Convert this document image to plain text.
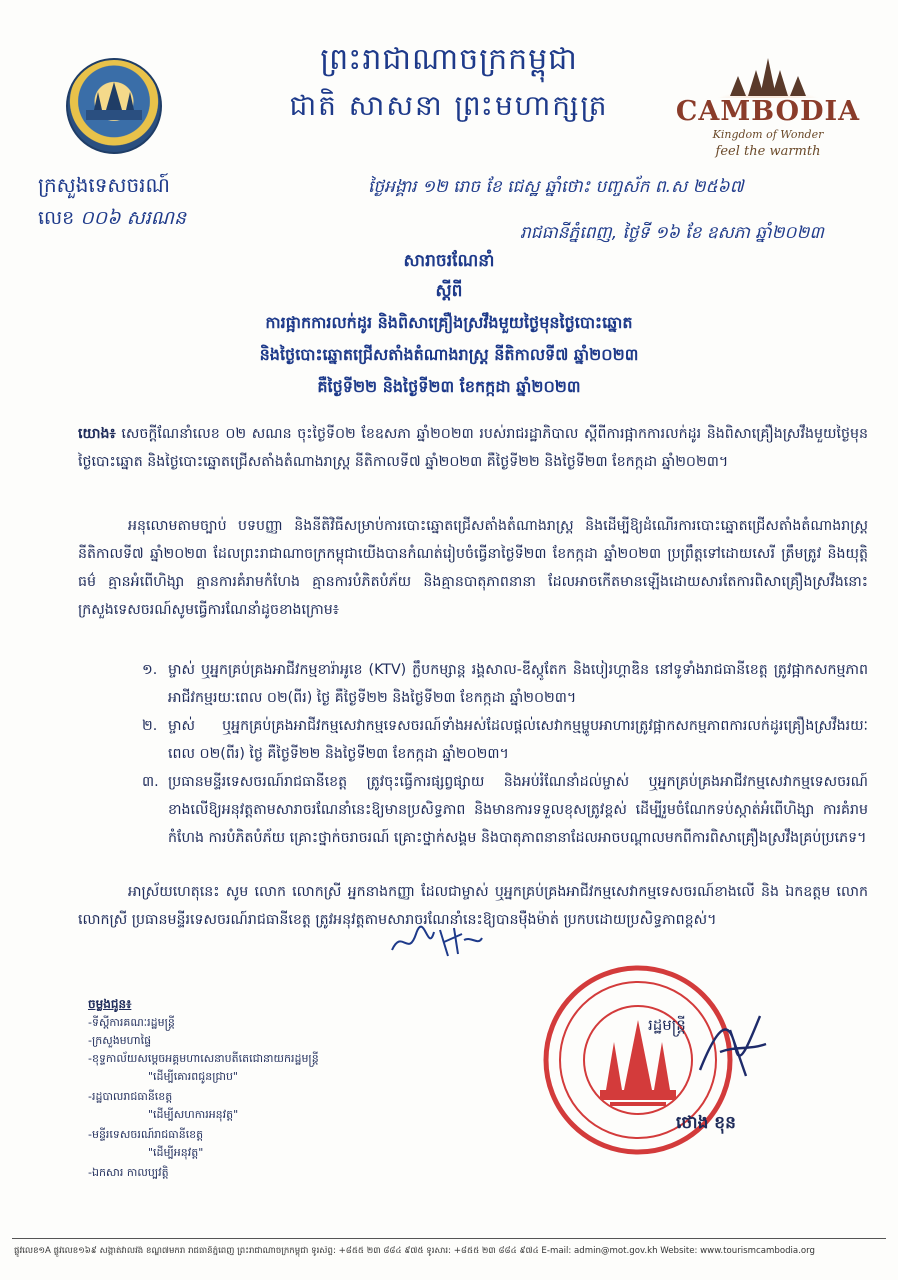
ព្រះរាជាណាចក្រកម្ពុជា
ជាតិ សាសនា ព្រះមហាក្សត្រ	CAMBODIA
Kingdom of Wonder
feel the warmth
ក្រសួងទេសចរណ៍
លេខ ០០៦ សរណន
ថ្ងៃអង្គារ ១២ រោច ខែ ជេស្ឋ ឆ្នាំថោះ បញ្ចស័ក ព.ស ២៥៦៧
រាជធានីភ្នំពេញ, ថ្ងៃទី ១៦ ខែ ឧសភា ឆ្នាំ២០២៣
សារាចរណែនាំ
ស្តីពី
ការផ្អាកការលក់ដូរ និងពិសាគ្រឿងស្រវឹងមួយថ្ងៃមុនថ្ងៃបោះឆ្នោត
និងថ្ងៃបោះឆ្នោតជ្រើសតាំងតំណាងរាស្ត្រ នីតិកាលទី៧ ឆ្នាំ២០២៣
គឺថ្ងៃទី២២ និងថ្ងៃទី២៣ ខែកក្កដា ឆ្នាំ២០២៣
យោង៖ សេចក្តីណែនាំលេខ ០២ សណន ចុះថ្ងៃទី០២ ខែឧសភា ឆ្នាំ២០២៣ របស់រាជរដ្ឋាភិបាល ស្តីពីការផ្អាកការលក់ដូរ និងពិសាគ្រឿងស្រវឹងមួយថ្ងៃមុនថ្ងៃបោះឆ្នោត និងថ្ងៃបោះឆ្នោតជ្រើសតាំងតំណាងរាស្ត្រ នីតិកាលទី៧ ឆ្នាំ២០២៣ គឺថ្ងៃទី២២ និងថ្ងៃទី២៣ ខែកក្កដា ឆ្នាំ២០២៣។
អនុលោមតាមច្បាប់ បទបញ្ញា និងនីតិវិធីសម្រាប់ការបោះឆ្នោតជ្រើសតាំងតំណាងរាស្ត្រ និងដើម្បីឱ្យដំណើរការបោះឆ្នោតជ្រើសតាំងតំណាងរាស្ត្រ នីតិកាលទី៧ ឆ្នាំ២០២៣ ដែលព្រះរាជាណាចក្រកម្ពុជាយើងបានកំណត់រៀបចំធ្វើនាថ្ងៃទី២៣ ខែកក្កដា ឆ្នាំ២០២៣ ប្រព្រឹត្តទៅដោយសេរី ត្រឹមត្រូវ និងយុត្តិធម៌ គ្មានអំពើហិង្សា គ្មានការគំរាមកំហែង គ្មានការបំភិតបំភ័យ និងគ្មានបាតុភាពនានា ដែលអាចកើតមានឡើងដោយសារតែការពិសាគ្រឿងស្រវឹងនោះ ក្រសួងទេសចរណ៍សូមធ្វើការណែនាំដូចខាងក្រោម៖
១. ម្ចាស់ ឬអ្នកគ្រប់គ្រងអាជីវកម្មខារ៉ាអូខេ (KTV) ក្លឹបកម្សាន្ត រង្គសាល-ឌីស្កូតែក និងបៀរហ្គាឌិន នៅទូទាំងរាជធានីខេត្ត ត្រូវផ្អាកសកម្មភាពអាជីវកម្មរយៈពេល ០២(ពីរ) ថ្ងៃ គឺថ្ងៃទី២២ និងថ្ងៃទី២៣ ខែកក្កដា ឆ្នាំ២០២៣។
២. ម្ចាស់ ឬអ្នកគ្រប់គ្រងអាជីវកម្មសេវាកម្មទេសចរណ៍ទាំងអស់ដែលផ្តល់សេវាកម្មម្ហូបអាហារត្រូវផ្អាកសកម្មភាពការលក់ដូរគ្រឿងស្រវឹងរយៈពេល ០២(ពីរ) ថ្ងៃ គឺថ្ងៃទី២២ និងថ្ងៃទី២៣ ខែកក្កដា ឆ្នាំ២០២៣។
៣. ប្រធានមន្ទីរទេសចរណ៍រាជធានីខេត្ត ត្រូវចុះធ្វើការផ្សព្វផ្សាយ និងអប់រំណែនាំដល់ម្ចាស់ ឬអ្នកគ្រប់គ្រងអាជីវកម្មសេវាកម្មទេសចរណ៍ខាងលើឱ្យអនុវត្តតាមសារាចរណែនាំនេះឱ្យមានប្រសិទ្ធភាព និងមានការទទួលខុសត្រូវខ្ពស់ ដើម្បីរួមចំណែកទប់ស្កាត់អំពើហិង្សា ការគំរាមកំហែង ការបំភិតបំភ័យ គ្រោះថ្នាក់ចរាចរណ៍ គ្រោះថ្នាក់សង្គម និងបាតុភាពនានាដែលអាចបណ្តាលមកពីការពិសាគ្រឿងស្រវឹងគ្រប់ប្រភេទ។
អាស្រ័យហេតុនេះ សូម លោក លោកស្រី អ្នកនាងកញ្ញា ដែលជាម្ចាស់ ឬអ្នកគ្រប់គ្រងអាជីវកម្មសេវាកម្មទេសចរណ៍ខាងលើ និង ឯកឧត្តម លោក លោកស្រី ប្រធានមន្ទីរទេសចរណ៍រាជធានីខេត្ត ត្រូវអនុវត្តតាមសារាចរណែនាំនេះឱ្យបានម៉ឺងម៉ាត់ ប្រកបដោយប្រសិទ្ធភាពខ្ពស់។
រដ្ឋមន្ត្រី
ថោង ខុន
ចម្លងជូន៖
-ទីស្តីការគណៈរដ្ឋមន្ត្រី
-ក្រសួងមហាផ្ទៃ
-ខុទ្ទកាល័យសម្តេចអគ្គមហាសេនាបតីតេជោនាយករដ្ឋមន្ត្រី
"ដើម្បីគោរពជូនជ្រាប"
-រដ្ឋបាលរាជធានីខេត្ត
"ដើម្បីសហការអនុវត្ត"
-មន្ទីរទេសចរណ៍រាជធានីខេត្ត
"ដើម្បីអនុវត្ត"
-ឯកសារ កាលប្បវត្តិ
ផ្លូវលេខ១A ផ្លូវលេខ១៦៩ សង្កាត់វាលវង់ ខណ្ឌ៧មករា រាជធានីភ្នំពេញ ព្រះរាជាណាចក្រកម្ពុជា ទូរស័ព្ទ: +៨៥៥ ២៣ ៨៨៤ ៩៧៥ ទូរសារ: +៨៥៥ ២៣ ៨៨៤ ៩៧៤ E-mail: admin@mot.gov.kh Website: www.tourismcambodia.org
